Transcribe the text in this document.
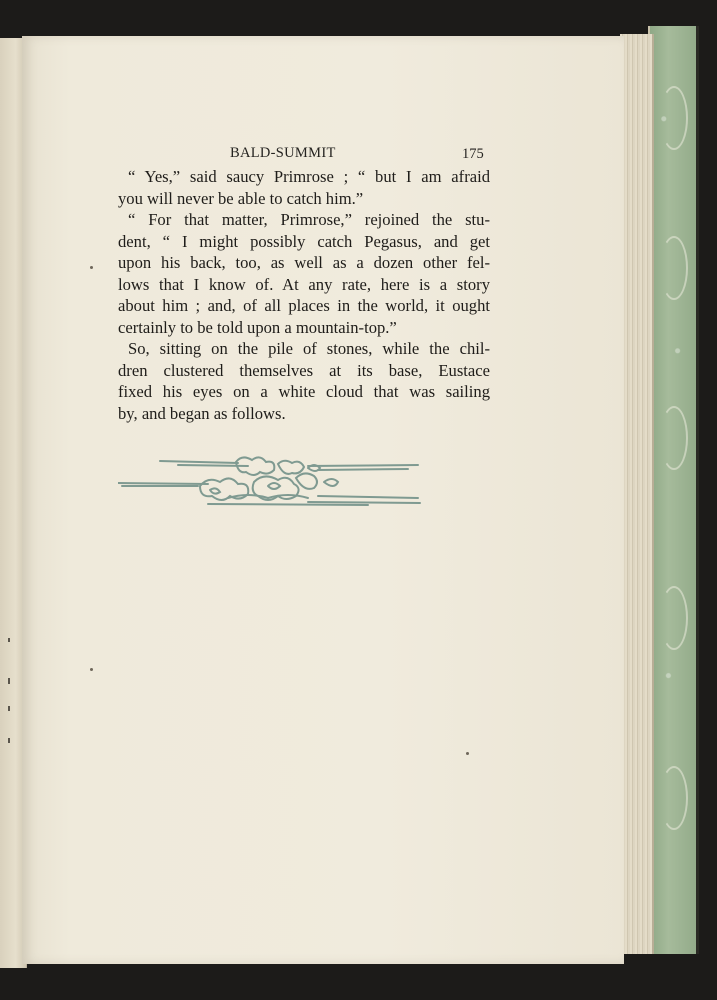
BALD-SUMMIT	175
“ Yes,” said saucy Primrose ; “ but I am afraid
you will never be able to catch him.”
“ For that matter, Primrose,” rejoined the stu-
dent, “ I might possibly catch Pegasus, and get
upon his back, too, as well as a dozen other fel-
lows that I know of. At any rate, here is a story
about him ; and, of all places in the world, it ought
certainly to be told upon a mountain-top.”
So, sitting on the pile of stones, while the chil-
dren clustered themselves at its base, Eustace
fixed his eyes on a white cloud that was sailing
by, and began as follows.
